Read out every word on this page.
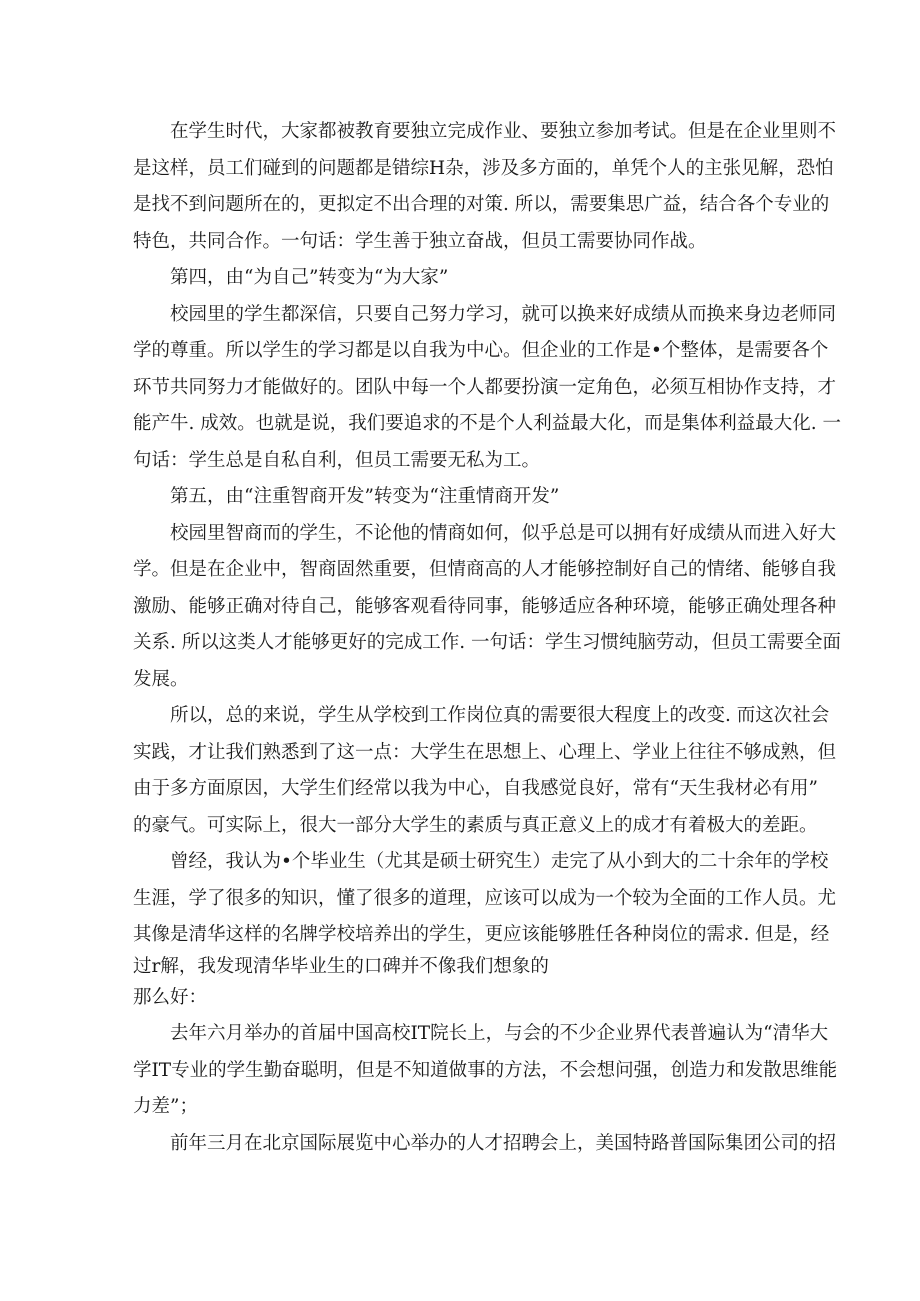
在学生时代，大家都被教育要独立完成作业、要独立参加考试。但是在企业里则不
是这样，员工们碰到的问题都是错综H杂，涉及多方面的，单凭个人的主张见解，恐怕
是找不到问题所在的，更拟定不出合理的对策. 所以，需要集思广益，结合各个专业的
特色，共同合作。一句话：学生善于独立奋战，但员工需要协同作战。
第四，由“为自己”转变为“为大家”
校园里的学生都深信，只要自己努力学习，就可以换来好成绩从而换来身边老师同
学的尊重。所以学生的学习都是以自我为中心。但企业的工作是•个整体，是需要各个
环节共同努力才能做好的。团队中每一个人都要扮演一定角色，必须互相协作支持，才
能产牛. 成效。也就是说，我们要追求的不是个人利益最大化，而是集体利益最大化. 一
句话：学生总是自私自利，但员工需要无私为工。
第五，由“注重智商开发”转变为“注重情商开发”
校园里智商而的学生，不论他的情商如何，似乎总是可以拥有好成绩从而进入好大
学。但是在企业中，智商固然重要，但情商高的人才能够控制好自己的情绪、能够自我
激励、能够正确对待自己，能够客观看待同事，能够适应各种环境，能够正确处理各种
关系. 所以这类人才能够更好的完成工作. 一句话：学生习惯纯脑劳动，但员工需要全面
发展。
所以，总的来说，学生从学校到工作岗位真的需要很大程度上的改变. 而这次社会
实践，才让我们熟悉到了这一点：大学生在思想上、心理上、学业上往往不够成熟，但
由于多方面原因，大学生们经常以我为中心，自我感觉良好，常有“天生我材必有用”
的豪气。可实际上，很大一部分大学生的素质与真正意义上的成才有着极大的差距。
曾经，我认为•个毕业生（尤其是硕士研究生）走完了从小到大的二十余年的学校
生涯，学了很多的知识，懂了很多的道理，应该可以成为一个较为全面的工作人员。尤
其像是清华这样的名牌学校培养出的学生，更应该能够胜任各种岗位的需求. 但是，经
过r解，我发现清华毕业生的口碑并不像我们想象的
那么好：
去年六月举办的首届中国高校IT院长上，与会的不少企业界代表普遍认为“清华大
学IT专业的学生勤奋聪明，但是不知道做事的方法，不会想问强，创造力和发散思维能
力差”；
前年三月在北京国际展览中心举办的人才招聘会上，美国特路普国际集团公司的招
